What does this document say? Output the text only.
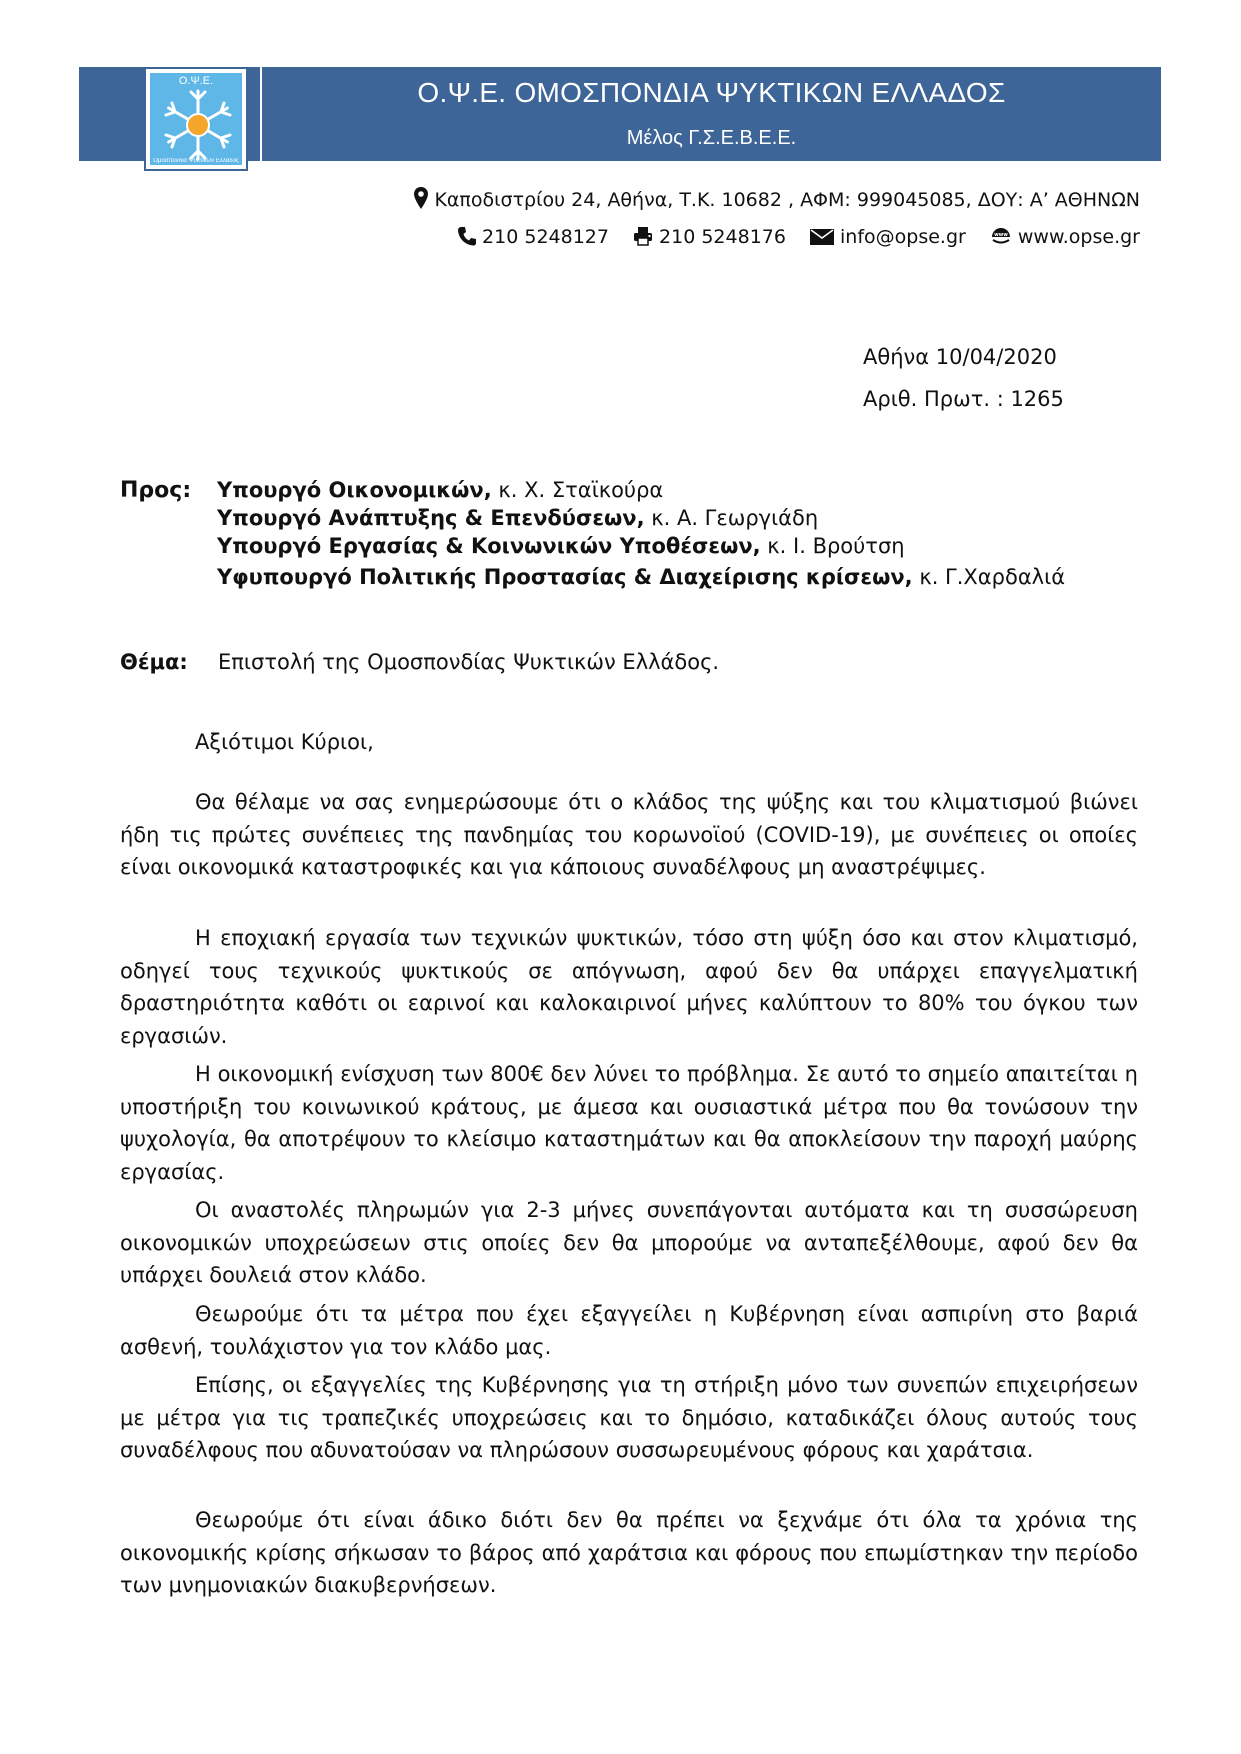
Ο.Ψ.Ε.
Ομοσπονδία Ψυκτικών Ελλάδος
Ο.Ψ.Ε. ΟΜΟΣΠΟΝΔΙΑ ΨΥΚΤΙΚΩΝ ΕΛΛΑΔΟΣ
Μέλος Γ.Σ.Ε.Β.Ε.Ε.
Καποδιστρίου 24, Αθήνα, Τ.Κ. 10682 , ΑΦΜ: 999045085, ΔΟΥ: Α’ ΑΘΗΝΩΝ
210 5248127	210 5248176	info@opse.gr	www www.opse.gr
Αθήνα 10/04/2020
Αριθ. Πρωτ. : 1265
Προς: Υπουργό Οικονομικών, κ. Χ. Σταϊκούρα
Υπουργό Ανάπτυξης & Επενδύσεων, κ. Α. Γεωργιάδη
Υπουργό Εργασίας & Κοινωνικών Υποθέσεων, κ. Ι. Βρούτση
Υφυπουργό Πολιτικής Προστασίας & Διαχείρισης κρίσεων, κ. Γ.Χαρδαλιά
Θέμα: Επιστολή της Ομοσπονδίας Ψυκτικών Ελλάδος.
Αξιότιμοι Κύριοι,

Θα θέλαμε να σας ενημερώσουμε ότι ο κλάδος της ψύξης και του κλιματισμού βιώνει ήδη τις πρώτες συνέπειες της πανδημίας του κορωνοϊού (COVID-19), με συνέπειες οι οποίες είναι οικονομικά καταστροφικές και για κάποιους συναδέλφους μη αναστρέψιμες.

Η εποχιακή εργασία των τεχνικών ψυκτικών, τόσο στη ψύξη όσο και στον κλιματισμό, οδηγεί τους τεχνικούς ψυκτικούς σε απόγνωση, αφού δεν θα υπάρχει επαγγελματική δραστηριότητα καθότι οι εαρινοί και καλοκαιρινοί μήνες καλύπτουν το 80% του όγκου των εργασιών.

Η οικονομική ενίσχυση των 800€ δεν λύνει το πρόβλημα. Σε αυτό το σημείο απαιτείται η υποστήριξη του κοινωνικού κράτους, με άμεσα και ουσιαστικά μέτρα που θα τονώσουν την ψυχολογία, θα αποτρέψουν το κλείσιμο καταστημάτων και θα αποκλείσουν την παροχή μαύρης εργασίας.

Οι αναστολές πληρωμών για 2-3 μήνες συνεπάγονται αυτόματα και τη συσσώρευση οικονομικών υποχρεώσεων στις οποίες δεν θα μπορούμε να ανταπεξέλθουμε, αφού δεν θα υπάρχει δουλειά στον κλάδο.

Θεωρούμε ότι τα μέτρα που έχει εξαγγείλει η Κυβέρνηση είναι ασπιρίνη στο βαριά ασθενή, τουλάχιστον για τον κλάδο μας.

Επίσης, οι εξαγγελίες της Κυβέρνησης για τη στήριξη μόνο των συνεπών επιχειρήσεων με μέτρα για τις τραπεζικές υποχρεώσεις και το δημόσιο, καταδικάζει όλους αυτούς τους συναδέλφους που αδυνατούσαν να πληρώσουν συσσωρευμένους φόρους και χαράτσια.

Θεωρούμε ότι είναι άδικο διότι δεν θα πρέπει να ξεχνάμε ότι όλα τα χρόνια της οικονομικής κρίσης σήκωσαν το βάρος από χαράτσια και φόρους που επωμίστηκαν την περίοδο των μνημονιακών διακυβερνήσεων.
